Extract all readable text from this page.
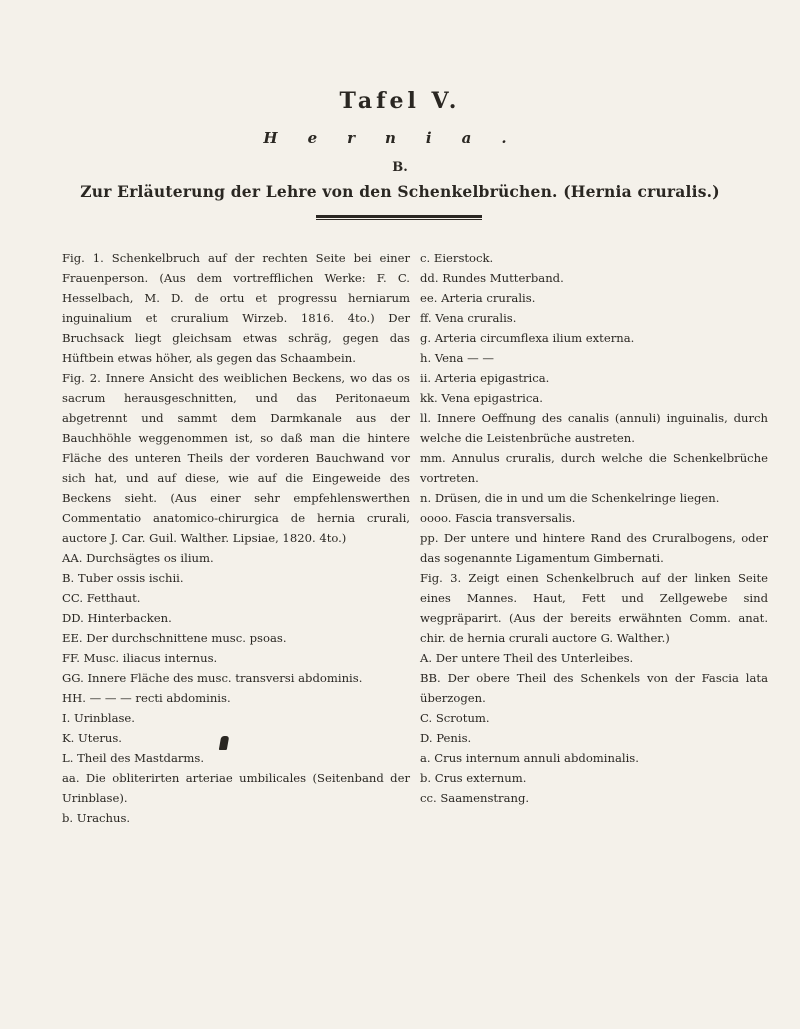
Tafel V.
Hernia.
B.
Zur Erläuterung der Lehre von den Schenkelbrüchen. (Hernia cruralis.)

Fig. 1. Schenkelbruch auf der rechten Seite bei einer Frauenperson. (Aus dem vortrefflichen Werke: F. C. Hesselbach, M. D. de ortu et progressu herniarum inguinalium et cruralium Wirzeb. 1816. 4to.) Der Bruchsack liegt gleichsam etwas schräg, gegen das Hüftbein etwas höher, als gegen das Schaambein.

Fig. 2. Innere Ansicht des weiblichen Beckens, wo das os sacrum herausgeschnitten, und das Peritonaeum abgetrennt und sammt dem Darmkanale aus der Bauchhöhle weggenommen ist, so daß man die hintere Fläche des unteren Theils der vorderen Bauchwand vor sich hat, und auf diese, wie auf die Eingeweide des Beckens sieht. (Aus einer sehr empfehlenswerthen Commentatio anatomico-chirurgica de hernia crurali, auctore J. Car. Guil. Walther. Lipsiae, 1820. 4to.)

AA. Durchsägtes os ilium.

B. Tuber ossis ischii.

CC. Fetthaut.

DD. Hinterbacken.

EE. Der durchschnittene musc. psoas.

FF. Musc. iliacus internus.

GG. Innere Fläche des musc. transversi abdominis.

HH. — — — recti abdominis.

I. Urinblase.

K. Uterus.

L. Theil des Mastdarms.

aa. Die obliterirten arteriae umbilicales (Seitenband der Urinblase).

b. Urachus.

c. Eierstock.

dd. Rundes Mutterband.

ee. Arteria cruralis.

ff. Vena cruralis.

g. Arteria circumflexa ilium externa.

h. Vena — —

ii. Arteria epigastrica.

kk. Vena epigastrica.

ll. Innere Oeffnung des canalis (annuli) inguinalis, durch welche die Leistenbrüche austreten.

mm. Annulus cruralis, durch welche die Schenkelbrüche vortreten.

n. Drüsen, die in und um die Schenkelringe liegen.

oooo. Fascia transversalis.

pp. Der untere und hintere Rand des Cruralbogens, oder das sogenannte Ligamentum Gimbernati.

Fig. 3. Zeigt einen Schenkelbruch auf der linken Seite eines Mannes. Haut, Fett und Zellgewebe sind wegpräparirt. (Aus der bereits erwähnten Comm. anat. chir. de hernia crurali auctore G. Walther.)

A. Der untere Theil des Unterleibes.

BB. Der obere Theil des Schenkels von der Fascia lata überzogen.

C. Scrotum.

D. Penis.

a. Crus internum annuli abdominalis.

b. Crus externum.

cc. Saamenstrang.
